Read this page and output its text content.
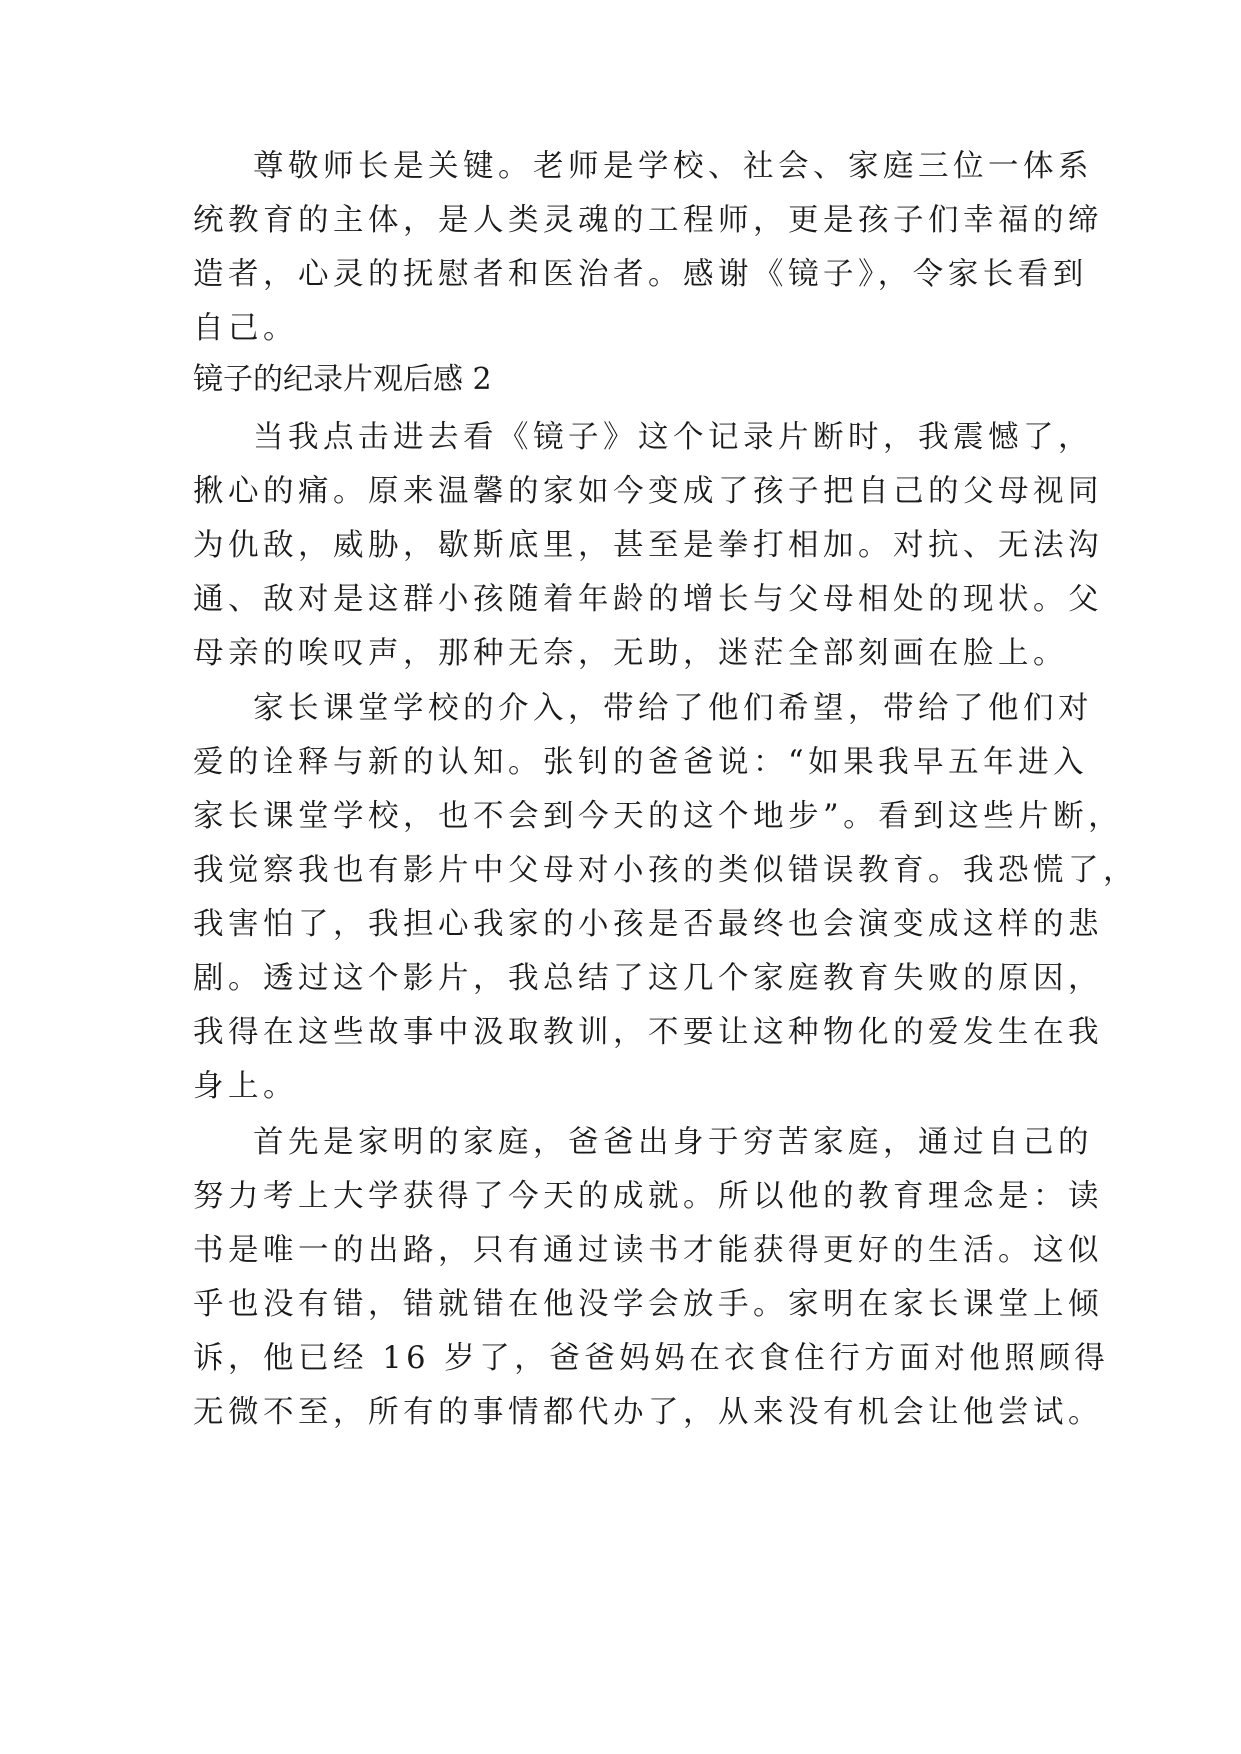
尊敬师长是关键。老师是学校、社会、家庭三位一体系
统教育的主体，是人类灵魂的工程师，更是孩子们幸福的缔
造者，心灵的抚慰者和医治者。感谢《镜子》，令家长看到
自己。
镜子的纪录片观后感 2
当我点击进去看《镜子》这个记录片断时，我震憾了，
揪心的痛。原来温馨的家如今变成了孩子把自己的父母视同
为仇敌，威胁，歇斯底里，甚至是拳打相加。对抗、无法沟
通、敌对是这群小孩随着年龄的增长与父母相处的现状。父
母亲的唉叹声，那种无奈，无助，迷茫全部刻画在脸上。
家长课堂学校的介入，带给了他们希望，带给了他们对
爱的诠释与新的认知。张钊的爸爸说：“如果我早五年进入
家长课堂学校，也不会到今天的这个地步”。看到这些片断，
我觉察我也有影片中父母对小孩的类似错误教育。我恐慌了，
我害怕了，我担心我家的小孩是否最终也会演变成这样的悲
剧。透过这个影片，我总结了这几个家庭教育失败的原因，
我得在这些故事中汲取教训，不要让这种物化的爱发生在我
身上。
首先是家明的家庭，爸爸出身于穷苦家庭，通过自己的
努力考上大学获得了今天的成就。所以他的教育理念是：读
书是唯一的出路，只有通过读书才能获得更好的生活。这似
乎也没有错，错就错在他没学会放手。家明在家长课堂上倾
诉，他已经 16 岁了，爸爸妈妈在衣食住行方面对他照顾得
无微不至，所有的事情都代办了，从来没有机会让他尝试。
